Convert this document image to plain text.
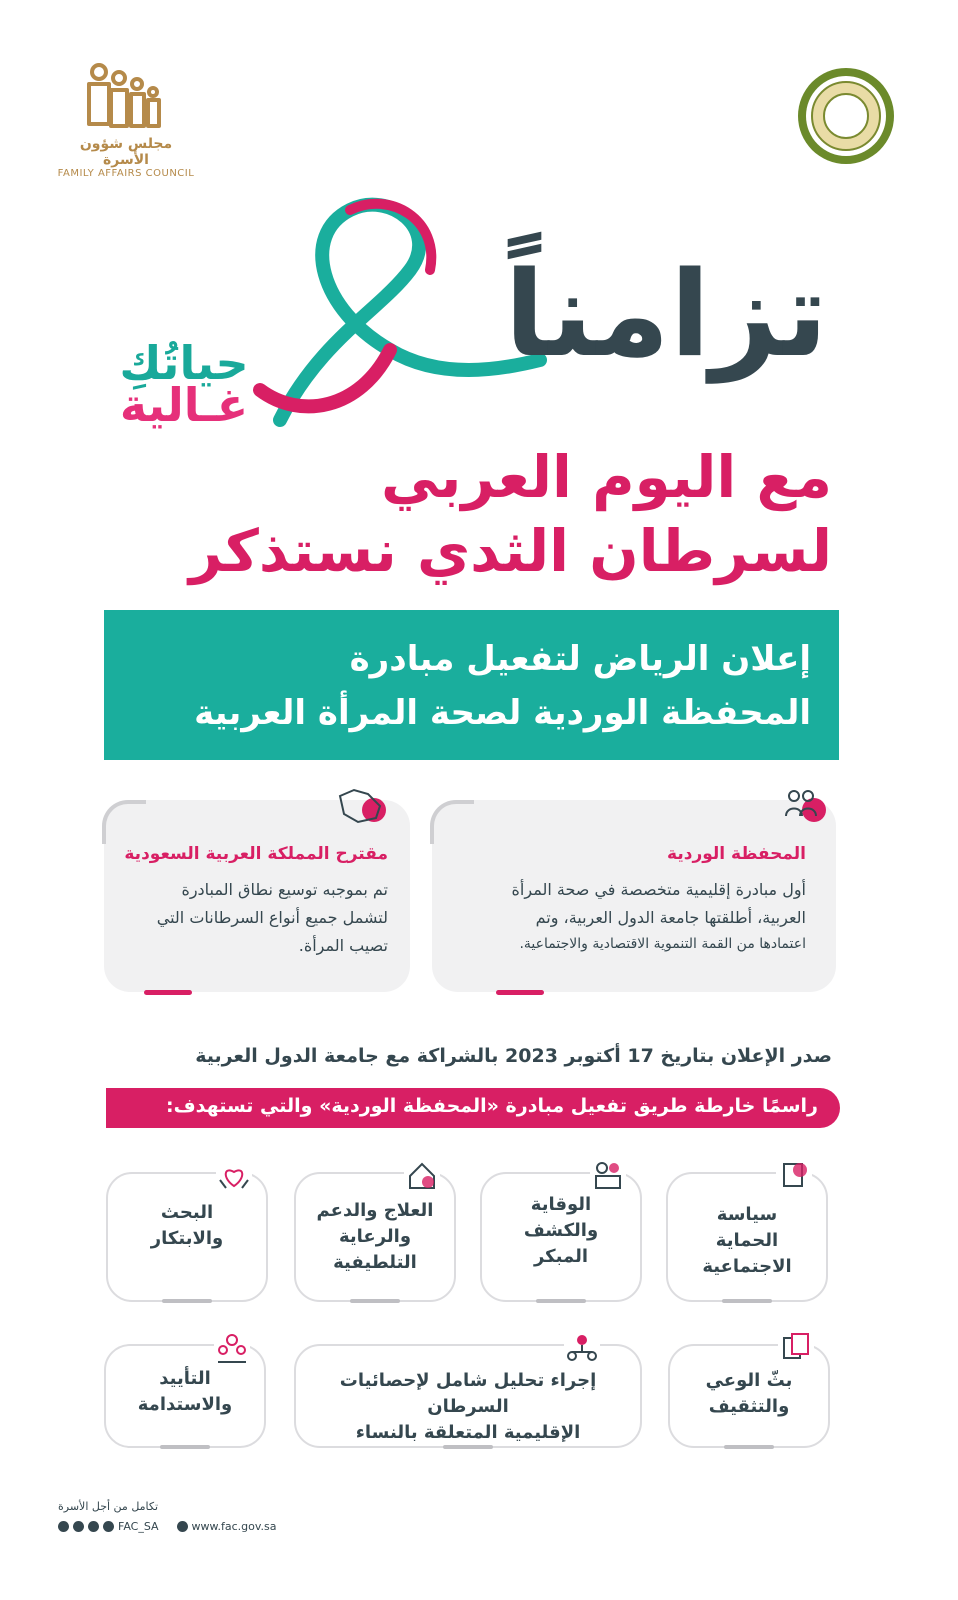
مجلس شؤون الأسرة
FAMILY AFFAIRS COUNCIL
تزامناً
حياتُكِ
غـالية
مع اليوم العربي
لسرطان الثدي نستذكر
إعلان الرياض لتفعيل مبادرة
المحفظة الوردية لصحة المرأة العربية
المحفظة الوردية
أول مبادرة إقليمية متخصصة في صحة المرأة
العربية، أطلقتها جامعة الدول العربية، وتم
اعتمادها من القمة التنموية الاقتصادية والاجتماعية.
مقترح المملكة العربية السعودية
تم بموجبه توسيع نطاق المبادرة
لتشمل جميع أنواع السرطانات التي
تصيب المرأة.
صدر الإعلان بتاريخ 17 أكتوبر 2023 بالشراكة مع جامعة الدول العربية
راسمًا خارطة طريق تفعيل مبادرة «المحفظة الوردية» والتي تستهدف:
سياسة
الحماية
الاجتماعية
الوقاية
والكشف
المبكر
العلاج والدعم
والرعاية
التلطيفية
البحث
والابتكار
بثّ الوعي
والتثقيف
إجراء تحليل شامل لإحصائيات السرطان
الإقليمية المتعلقة بالنساء
التأييد
والاستدامة
تكامل من أجل الأسرة
FAC_SA	www.fac.gov.sa
